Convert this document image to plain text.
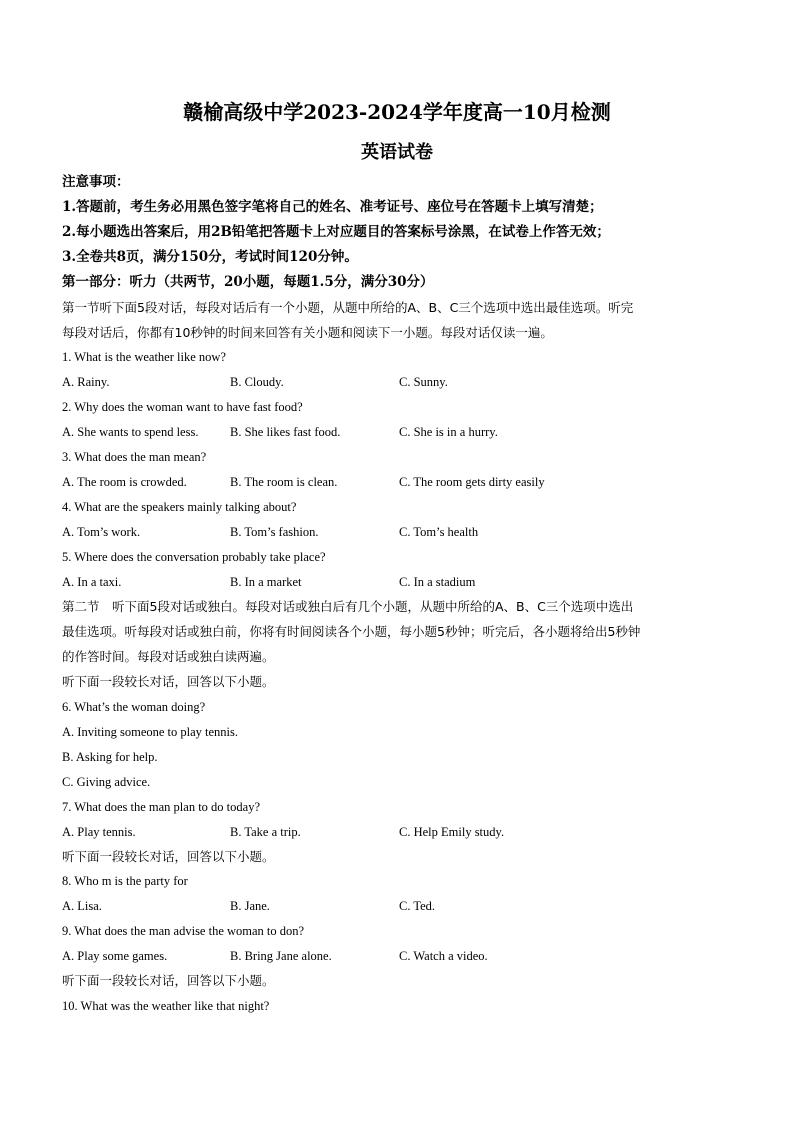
赣榆高级中学2023-2024学年度高一10月检测
英语试卷
注意事项：
1.答题前，考生务必用黑色签字笔将自己的姓名、准考证号、座位号在答题卡上填写清楚；
2.每小题选出答案后，用2B铅笔把答题卡上对应题目的答案标号涂黑，在试卷上作答无效；
3.全卷共8页，满分150分，考试时间120分钟。
第一部分：听力（共两节，20小题，每题1.5分，满分30分）
第一节听下面5段对话，每段对话后有一个小题，从题中所给的A、B、C三个选项中选出最佳选项。听完
每段对话后，你都有10秒钟的时间来回答有关小题和阅读下一小题。每段对话仅读一遍。
1. What is the weather like now?
A. Rainy.	B. Cloudy.	C. Sunny.
2. Why does the woman want to have fast food?
A. She wants to spend less.	B. She likes fast food.	C. She is in a hurry.
3. What does the man mean?
A. The room is crowded.	B. The room is clean.	C. The room gets dirty easily
4. What are the speakers mainly talking about?
A. Tom’s work.	B. Tom’s fashion.	C. Tom’s health
5. Where does the conversation probably take place?
A. In a taxi.	B. In a market	C. In a stadium
第二节　听下面5段对话或独白。每段对话或独白后有几个小题，从题中所给的A、B、C三个选项中选出
最佳选项。听每段对话或独白前，你将有时间阅读各个小题，每小题5秒钟；听完后，各小题将给出5秒钟
的作答时间。每段对话或独白读两遍。
听下面一段较长对话，回答以下小题。
6. What’s the woman doing?
A. Inviting someone to play tennis.
B. Asking for help.
C. Giving advice.
7. What does the man plan to do today?
A. Play tennis.	B. Take a trip.	C. Help Emily study.
听下面一段较长对话，回答以下小题。
8. Who m is the party for
A. Lisa.	B. Jane.	C. Ted.
9. What does the man advise the woman to don?
A. Play some games.	B. Bring Jane alone.	C. Watch a video.
听下面一段较长对话，回答以下小题。
10. What was the weather like that night?
